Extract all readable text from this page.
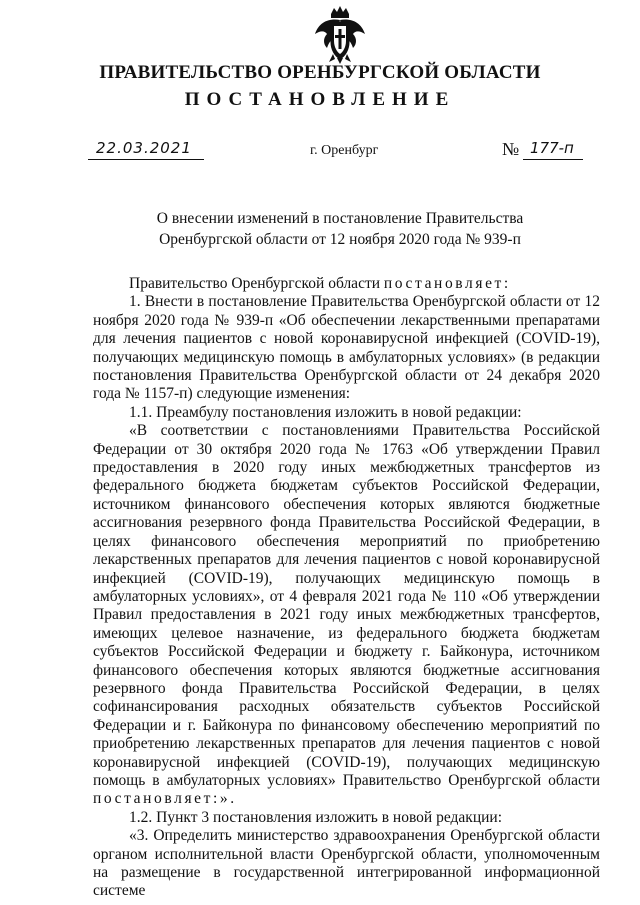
ПРАВИТЕЛЬСТВО ОРЕНБУРГСКОЙ ОБЛАСТИ
ПОСТАНОВЛЕНИЕ
22.03.2021	г. Оренбург	№ 177-п
О внесении изменений в постановление Правительства
Оренбургской области от 12 ноября 2020 года № 939-п

Правительство Оренбургской области постановляет:

1. Внести в постановление Правительства Оренбургской области от 12 ноября 2020 года № 939-п «Об обеспечении лекарственными препаратами для лечения пациентов с новой коронавирусной инфекцией (COVID-19), получающих медицинскую помощь в амбулаторных условиях» (в редакции постановления Правительства Оренбургской области от 24 декабря 2020 года № 1157-п) следующие изменения:

1.1. Преамбулу постановления изложить в новой редакции:

«В соответствии с постановлениями Правительства Российской Федерации от 30 октября 2020 года № 1763 «Об утверждении Правил предоставления в 2020 году иных межбюджетных трансфертов из федерального бюджета бюджетам субъектов Российской Федерации, источником финансового обеспечения которых являются бюджетные ассигнования резервного фонда Правительства Российской Федерации, в целях финансового обеспечения мероприятий по приобретению лекарственных препаратов для лечения пациентов с новой коронавирусной инфекцией (COVID-19), получающих медицинскую помощь в амбулаторных условиях», от 4 февраля 2021 года № 110 «Об утверждении Правил предоставления в 2021 году иных межбюджетных трансфертов, имеющих целевое назначение, из федерального бюджета бюджетам субъектов Российской Федерации и бюджету г. Байконура, источником финансового обеспечения которых являются бюджетные ассигнования резервного фонда Правительства Российской Федерации, в целях софинансирования расходных обязательств субъектов Российской Федерации и г. Байконура по финансовому обеспечению мероприятий по приобретению лекарственных препаратов для лечения пациентов с новой коронавирусной инфекцией (COVID-19), получающих медицинскую помощь в амбулаторных условиях» Правительство Оренбургской области постановляет:».

1.2. Пункт 3 постановления изложить в новой редакции:

«3. Определить министерство здравоохранения Оренбургской области органом исполнительной власти Оренбургской области, уполномоченным на размещение в государственной интегрированной информационной системе
